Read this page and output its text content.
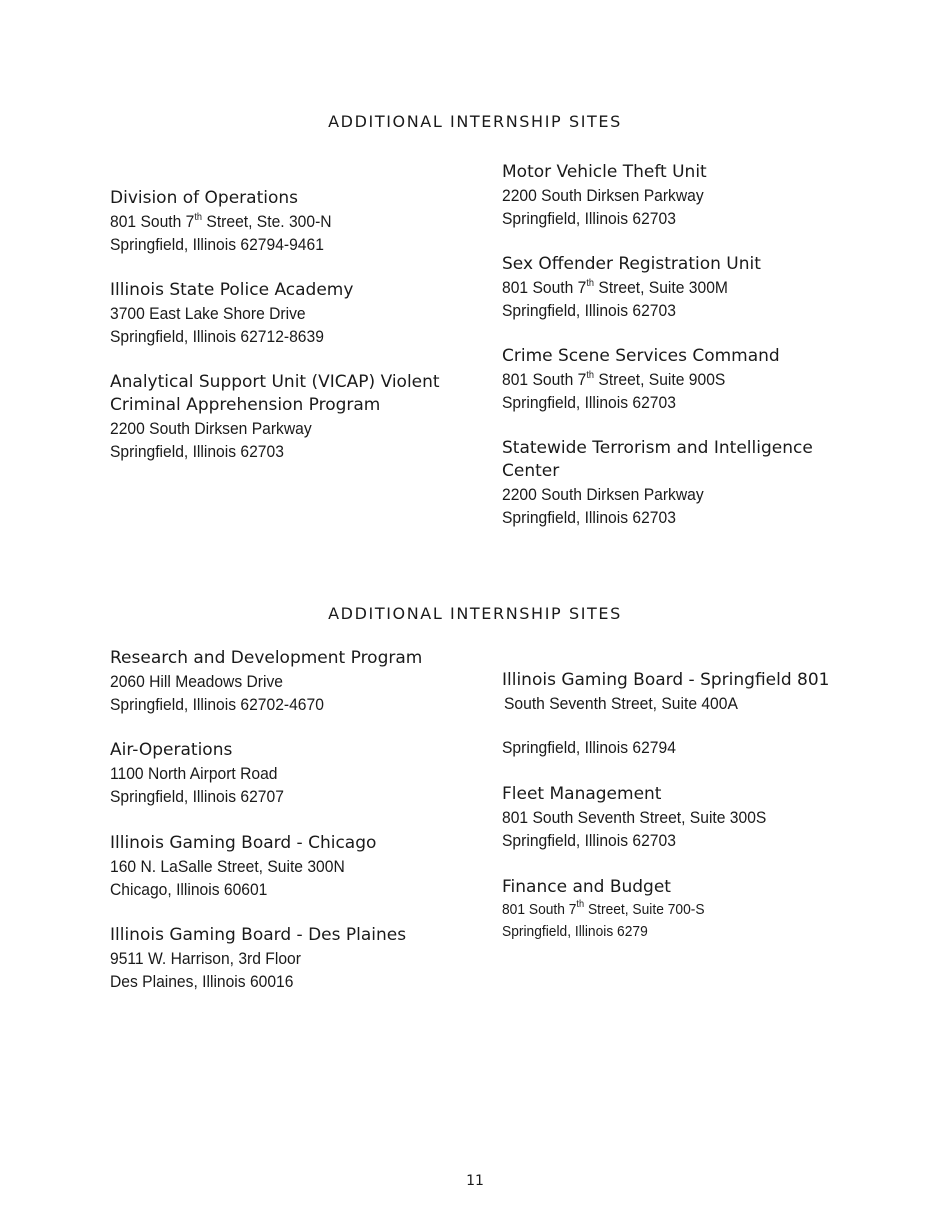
ADDITIONAL INTERNSHIP SITES
Division of Operations
801 South 7th Street, Ste. 300-N
Springfield, Illinois 62794-9461
Illinois State Police Academy
3700 East Lake Shore Drive
Springfield, Illinois 62712-8639
Analytical Support Unit (VICAP) Violent
Criminal Apprehension Program
2200 South Dirksen Parkway
Springfield, Illinois 62703
Motor Vehicle Theft Unit
2200 South Dirksen Parkway
Springfield, Illinois 62703
Sex Offender Registration Unit
801 South 7th Street, Suite 300M
Springfield, Illinois 62703
Crime Scene Services Command
801 South 7th Street, Suite 900S
Springfield, Illinois 62703
Statewide Terrorism and Intelligence
Center
2200 South Dirksen Parkway
Springfield, Illinois 62703
ADDITIONAL INTERNSHIP SITES
Research and Development Program
2060 Hill Meadows Drive
Springfield, Illinois 62702-4670
Air-Operations
1100 North Airport Road
Springfield, Illinois 62707
Illinois Gaming Board - Chicago
160 N. LaSalle Street, Suite 300N
Chicago, Illinois 60601
Illinois Gaming Board - Des Plaines
9511 W. Harrison, 3rd Floor
Des Plaines, Illinois 60016
Illinois Gaming Board - Springfield 801
South Seventh Street, Suite 400A
Springfield, Illinois 62794
Fleet Management
801 South Seventh Street, Suite 300S
Springfield, Illinois 62703
Finance and Budget
801 South 7th Street, Suite 700-S
Springfield, Illinois 6279
11
